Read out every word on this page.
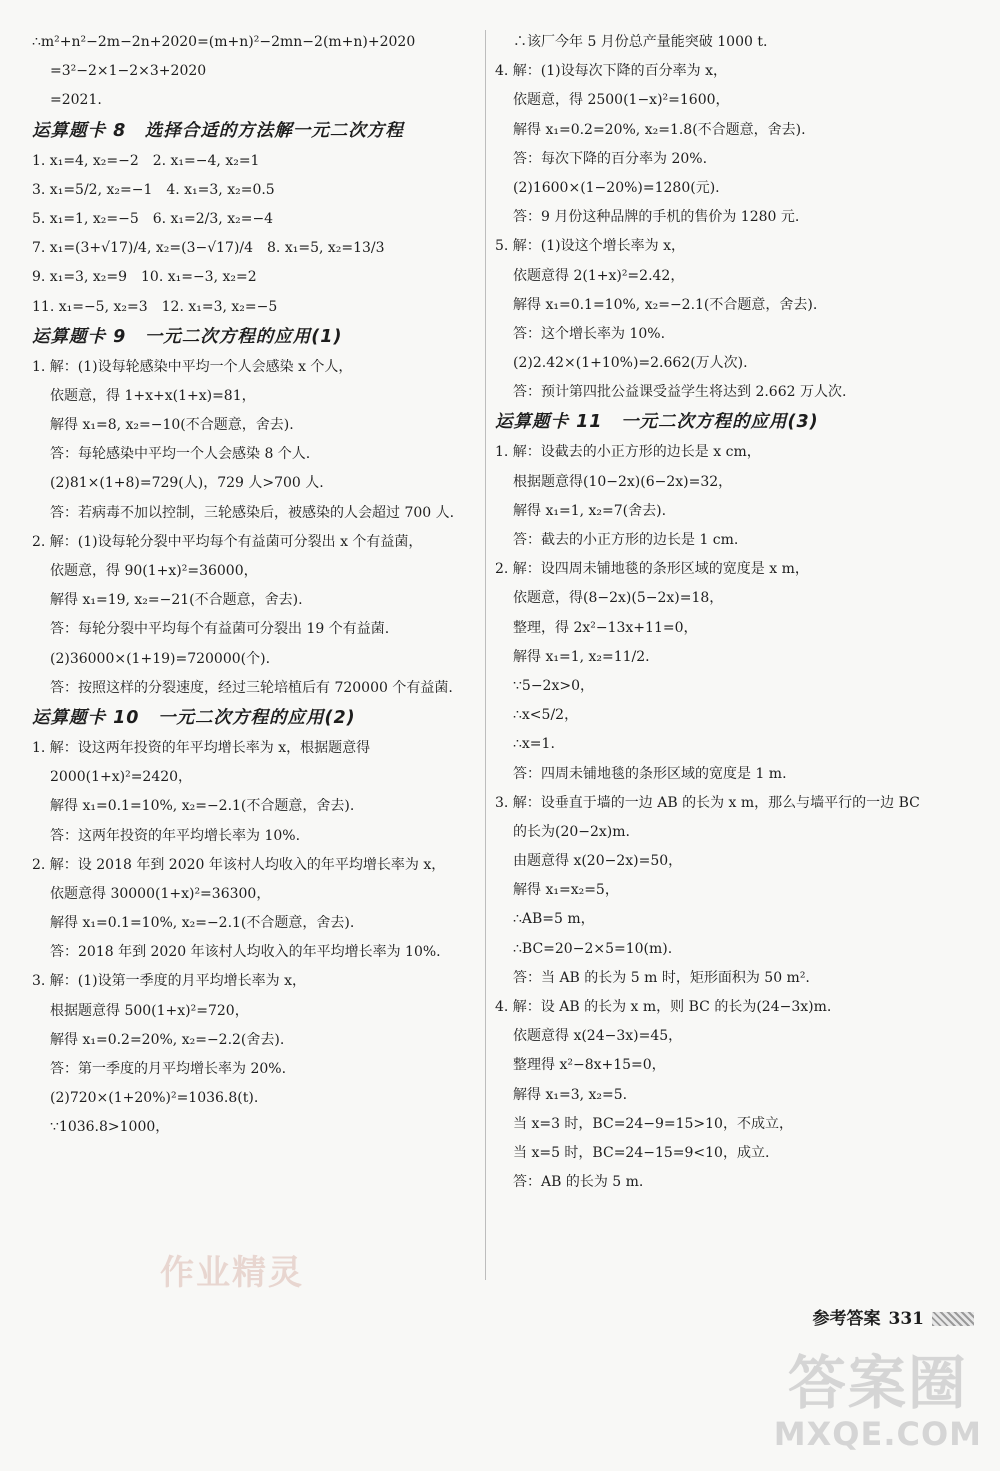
∴m²+n²−2m−2n+2020=(m+n)²−2mn−2(m+n)+2020
=3²−2×1−2×3+2020
=2021.
运算题卡 8　选择合适的方法解一元二次方程
1. x₁=4, x₂=−2　2. x₁=−4, x₂=1
3. x₁=5/2, x₂=−1　4. x₁=3, x₂=0.5
5. x₁=1, x₂=−5　6. x₁=2/3, x₂=−4
7. x₁=(3+√17)/4, x₂=(3−√17)/4　8. x₁=5, x₂=13/3
9. x₁=3, x₂=9　10. x₁=−3, x₂=2
11. x₁=−5, x₂=3　12. x₁=3, x₂=−5
运算题卡 9　一元二次方程的应用(1)
1. 解：(1)设每轮感染中平均一个人会感染 x 个人，
依题意，得 1+x+x(1+x)=81，
解得 x₁=8, x₂=−10(不合题意，舍去).
答：每轮感染中平均一个人会感染 8 个人.
(2)81×(1+8)=729(人)，729 人>700 人.
答：若病毒不加以控制，三轮感染后，被感染的人会超过 700 人.
2. 解：(1)设每轮分裂中平均每个有益菌可分裂出 x 个有益菌，
依题意，得 90(1+x)²=36000，
解得 x₁=19, x₂=−21(不合题意，舍去).
答：每轮分裂中平均每个有益菌可分裂出 19 个有益菌.
(2)36000×(1+19)=720000(个).
答：按照这样的分裂速度，经过三轮培植后有 720000 个有益菌.
运算题卡 10　一元二次方程的应用(2)
1. 解：设这两年投资的年平均增长率为 x，根据题意得
2000(1+x)²=2420，
解得 x₁=0.1=10%, x₂=−2.1(不合题意，舍去).
答：这两年投资的年平均增长率为 10%.
2. 解：设 2018 年到 2020 年该村人均收入的年平均增长率为 x，
依题意得 30000(1+x)²=36300，
解得 x₁=0.1=10%, x₂=−2.1(不合题意，舍去).
答：2018 年到 2020 年该村人均收入的年平均增长率为 10%.
3. 解：(1)设第一季度的月平均增长率为 x，
根据题意得 500(1+x)²=720，
解得 x₁=0.2=20%, x₂=−2.2(舍去).
答：第一季度的月平均增长率为 20%.
(2)720×(1+20%)²=1036.8(t).
∵1036.8>1000，
∴该厂今年 5 月份总产量能突破 1000 t.
4. 解：(1)设每次下降的百分率为 x，
依题意，得 2500(1−x)²=1600，
解得 x₁=0.2=20%, x₂=1.8(不合题意，舍去).
答：每次下降的百分率为 20%.
(2)1600×(1−20%)=1280(元).
答：9 月份这种品牌的手机的售价为 1280 元.
5. 解：(1)设这个增长率为 x，
依题意得 2(1+x)²=2.42，
解得 x₁=0.1=10%, x₂=−2.1(不合题意，舍去).
答：这个增长率为 10%.
(2)2.42×(1+10%)=2.662(万人次).
答：预计第四批公益课受益学生将达到 2.662 万人次.
运算题卡 11　一元二次方程的应用(3)
1. 解：设截去的小正方形的边长是 x cm，
根据题意得(10−2x)(6−2x)=32，
解得 x₁=1, x₂=7(舍去).
答：截去的小正方形的边长是 1 cm.
2. 解：设四周未铺地毯的条形区域的宽度是 x m，
依题意，得(8−2x)(5−2x)=18，
整理，得 2x²−13x+11=0，
解得 x₁=1, x₂=11/2.
∵5−2x>0，
∴x<5/2，
∴x=1.
答：四周未铺地毯的条形区域的宽度是 1 m.
3. 解：设垂直于墙的一边 AB 的长为 x m，那么与墙平行的一边 BC
的长为(20−2x)m.
由题意得 x(20−2x)=50，
解得 x₁=x₂=5，
∴AB=5 m，
∴BC=20−2×5=10(m).
答：当 AB 的长为 5 m 时，矩形面积为 50 m².
4. 解：设 AB 的长为 x m，则 BC 的长为(24−3x)m.
依题意得 x(24−3x)=45，
整理得 x²−8x+15=0，
解得 x₁=3, x₂=5.
当 x=3 时，BC=24−9=15>10，不成立，
当 x=5 时，BC=24−15=9<10，成立.
答：AB 的长为 5 m.
作业精灵
参考答案 331
答案圈
MXQE.COM
